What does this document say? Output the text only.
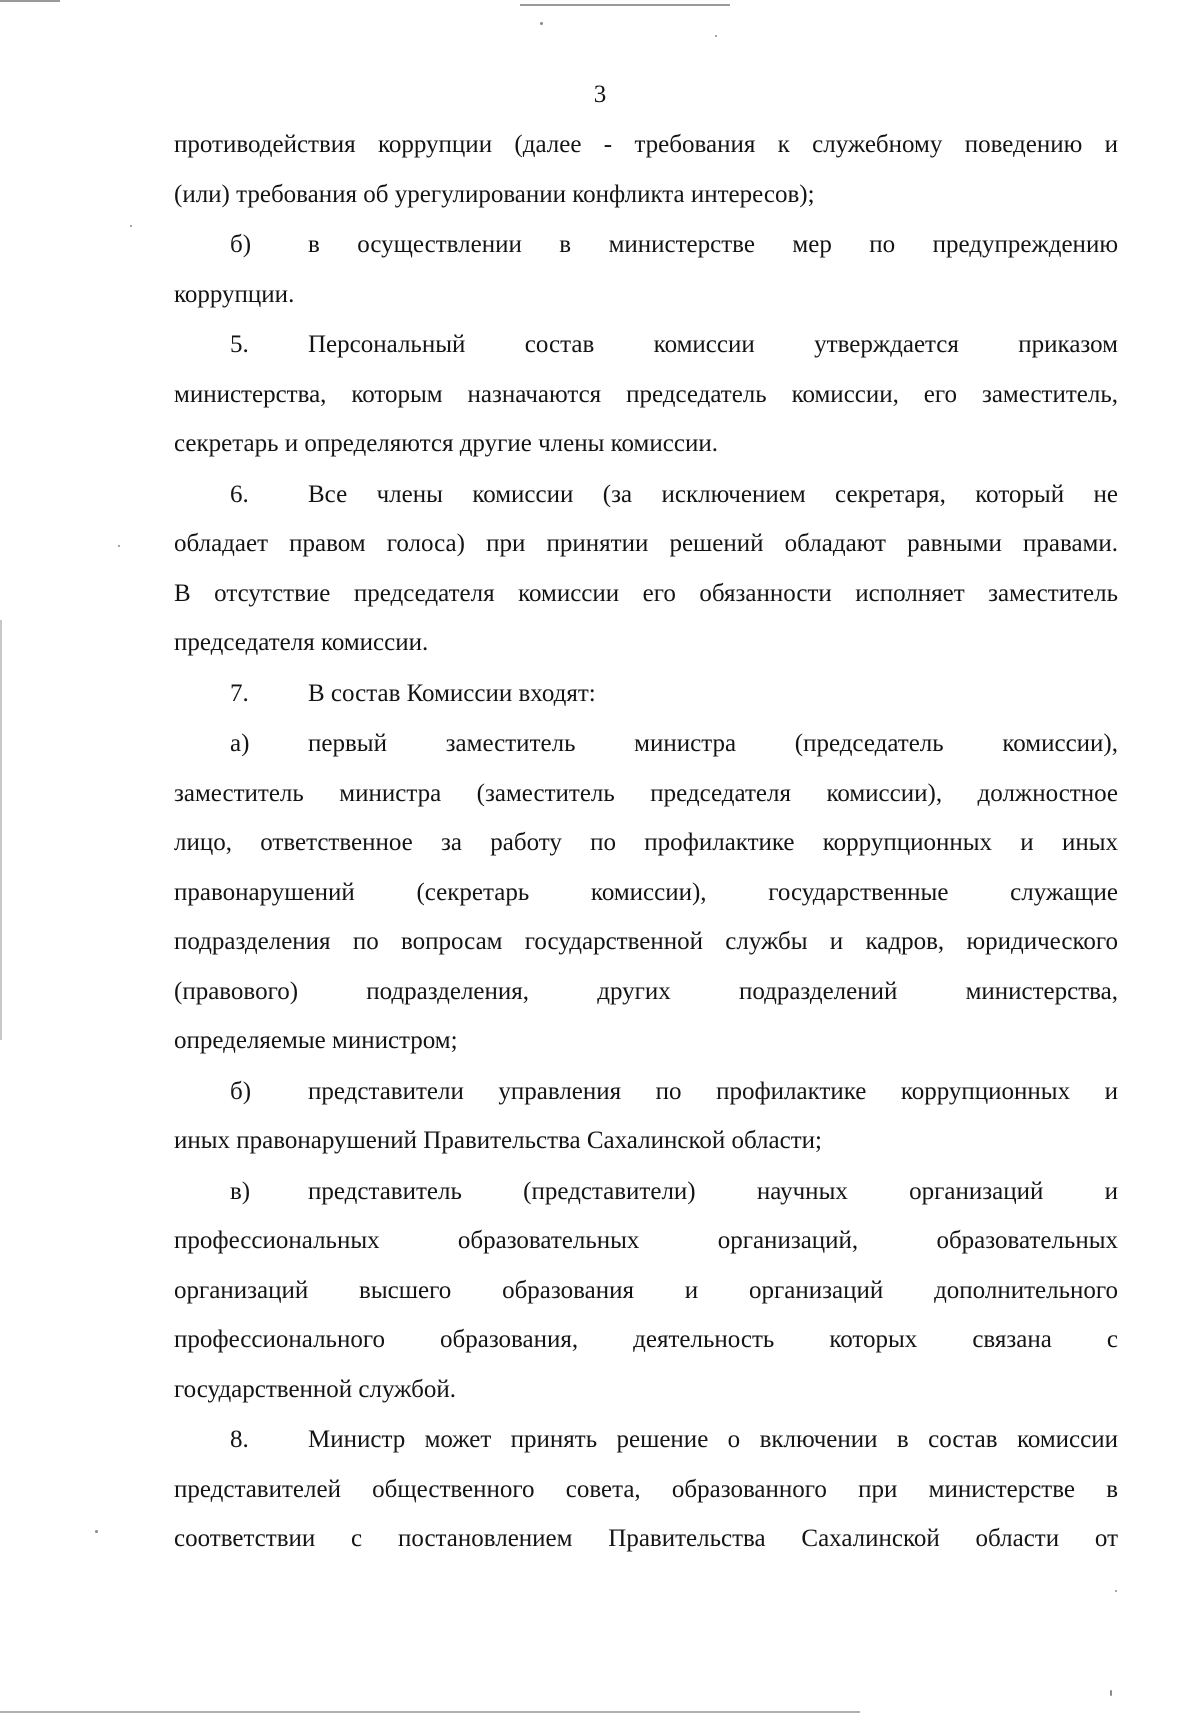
3
противодействия коррупции (далее - требования к служебному поведению и
(или) требования об урегулировании конфликта интересов);
б) в осуществлении в министерстве мер по предупреждению
коррупции.
5. Персональный состав комиссии утверждается приказом
министерства, которым назначаются председатель комиссии, его заместитель,
секретарь и определяются другие члены комиссии.
6. Все члены комиссии (за исключением секретаря, который не
обладает правом голоса) при принятии решений обладают равными правами.
В отсутствие председателя комиссии его обязанности исполняет заместитель
председателя комиссии.
7. В состав Комиссии входят:
а) первый заместитель министра (председатель комиссии),
заместитель министра (заместитель председателя комиссии), должностное
лицо, ответственное за работу по профилактике коррупционных и иных
правонарушений (секретарь комиссии), государственные служащие
подразделения по вопросам государственной службы и кадров, юридического
(правового) подразделения, других подразделений министерства,
определяемые министром;
б) представители управления по профилактике коррупционных и
иных правонарушений Правительства Сахалинской области;
в) представитель (представители) научных организаций и
профессиональных образовательных организаций, образовательных
организаций высшего образования и организаций дополнительного
профессионального образования, деятельность которых связана с
государственной службой.
8. Министр может принять решение о включении в состав комиссии
представителей общественного совета, образованного при министерстве в
соответствии с постановлением Правительства Сахалинской области от
